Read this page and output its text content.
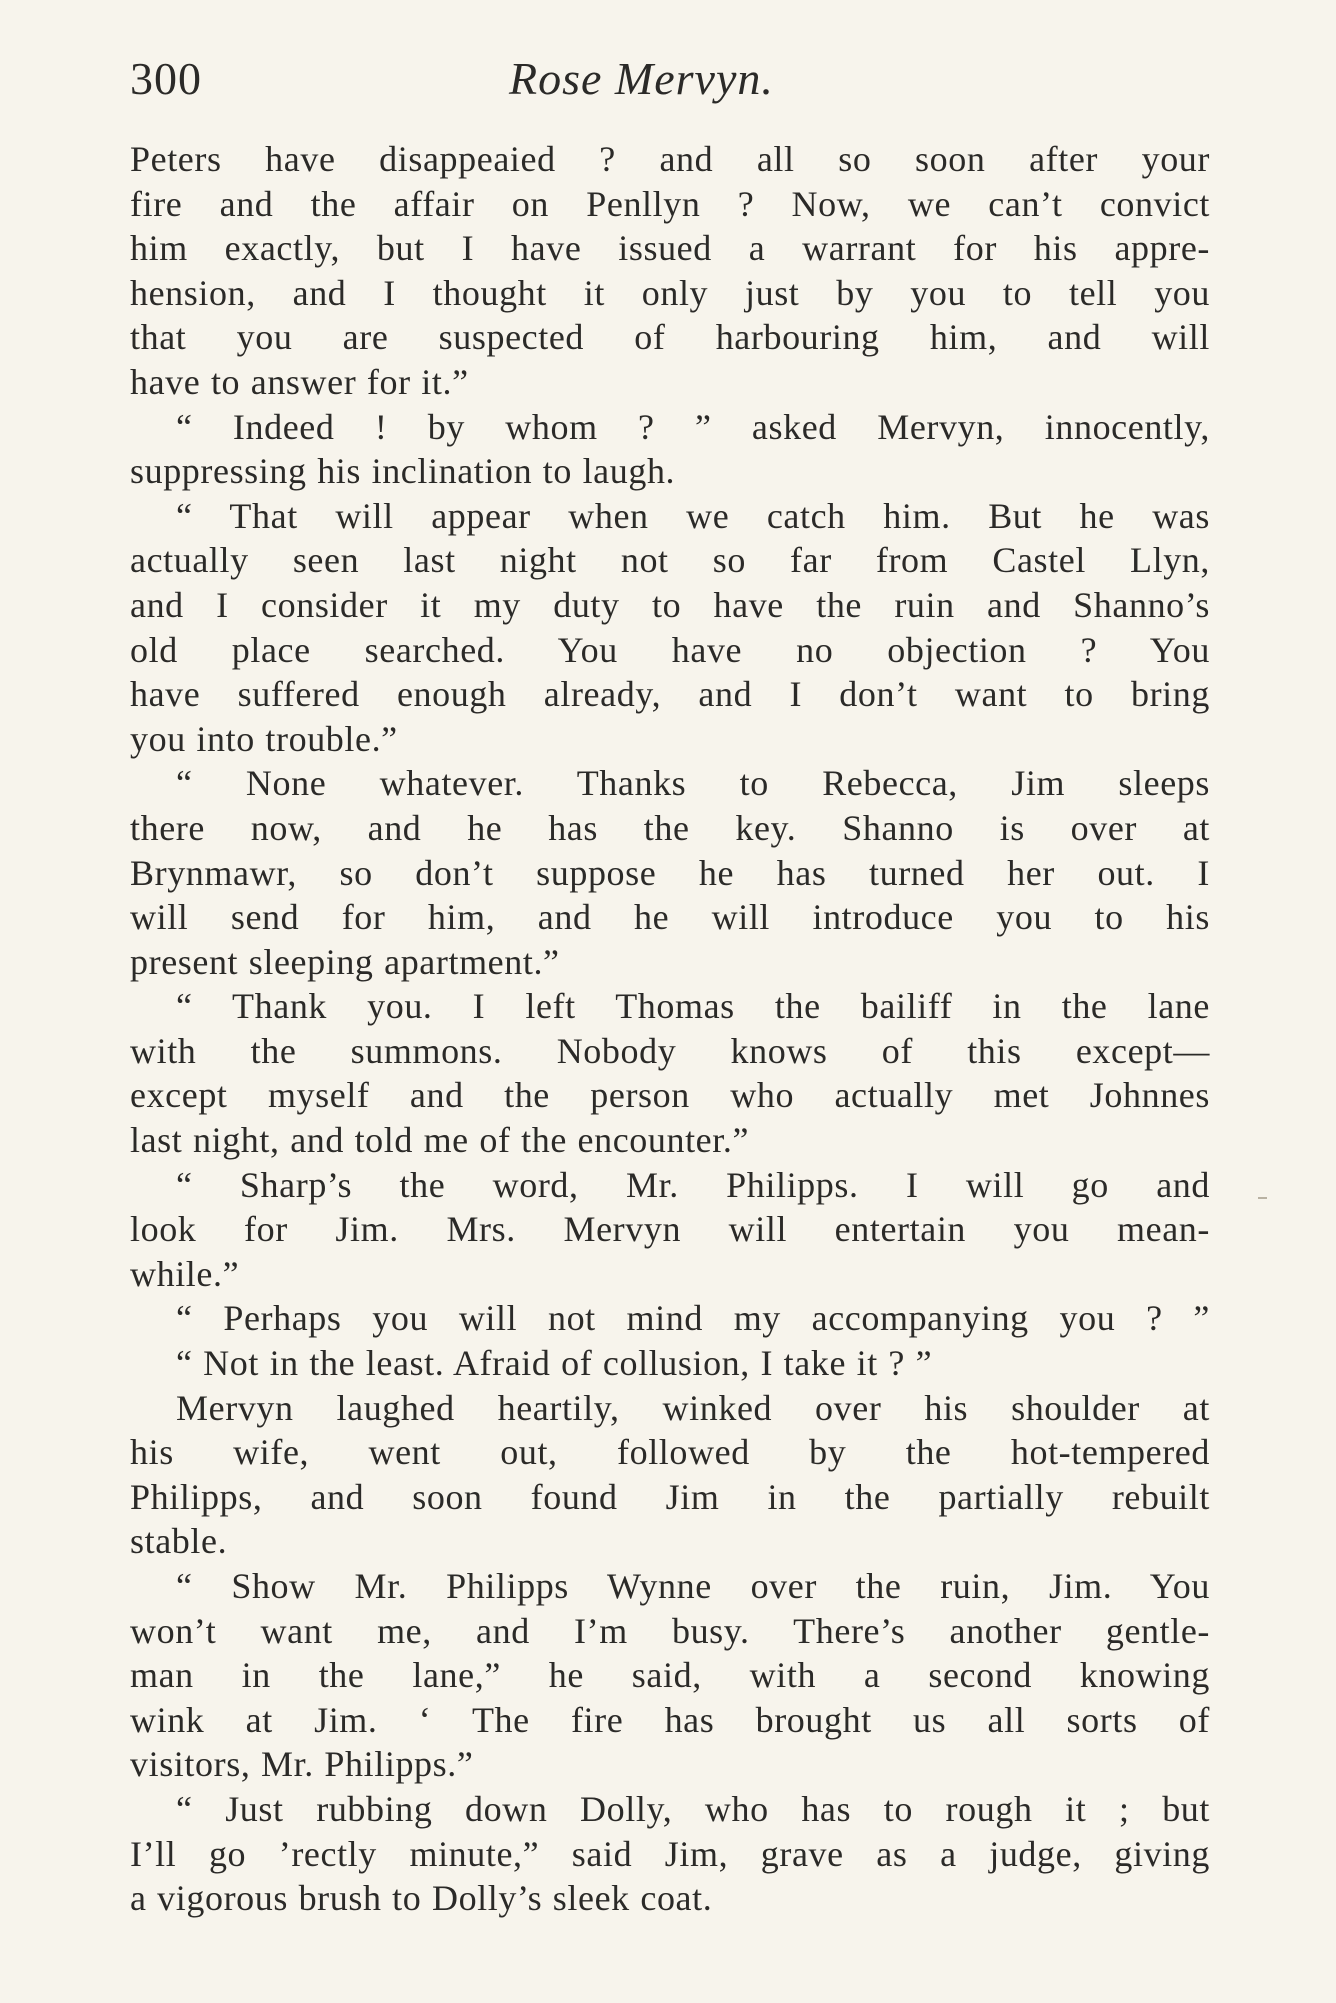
300	Rose Mervyn.
Peters have disappeaied ? and all so soon after your
fire and the affair on Penllyn ? Now, we can’t convict
him exactly, but I have issued a warrant for his appre-
hension, and I thought it only just by you to tell you
that you are suspected of harbouring him, and will
have to answer for it.”
“ Indeed ! by whom ? ” asked Mervyn, innocently,
suppressing his inclination to laugh.
“ That will appear when we catch him. But he was
actually seen last night not so far from Castel Llyn,
and I consider it my duty to have the ruin and Shanno’s
old place searched. You have no objection ? You
have suffered enough already, and I don’t want to bring
you into trouble.”
“ None whatever. Thanks to Rebecca, Jim sleeps
there now, and he has the key. Shanno is over at
Brynmawr, so don’t suppose he has turned her out. I
will send for him, and he will introduce you to his
present sleeping apartment.”
“ Thank you. I left Thomas the bailiff in the lane
with the summons. Nobody knows of this except—
except myself and the person who actually met Johnnes
last night, and told me of the encounter.”
“ Sharp’s the word, Mr. Philipps. I will go and
look for Jim. Mrs. Mervyn will entertain you mean-
while.”
“ Perhaps you will not mind my accompanying you ? ”
“ Not in the least. Afraid of collusion, I take it ? ”
Mervyn laughed heartily, winked over his shoulder at
his wife, went out, followed by the hot-tempered
Philipps, and soon found Jim in the partially rebuilt
stable.
“ Show Mr. Philipps Wynne over the ruin, Jim. You
won’t want me, and I’m busy. There’s another gentle-
man in the lane,” he said, with a second knowing
wink at Jim. ‘ The fire has brought us all sorts of
visitors, Mr. Philipps.”
“ Just rubbing down Dolly, who has to rough it ; but
I’ll go ’rectly minute,” said Jim, grave as a judge, giving
a vigorous brush to Dolly’s sleek coat.
